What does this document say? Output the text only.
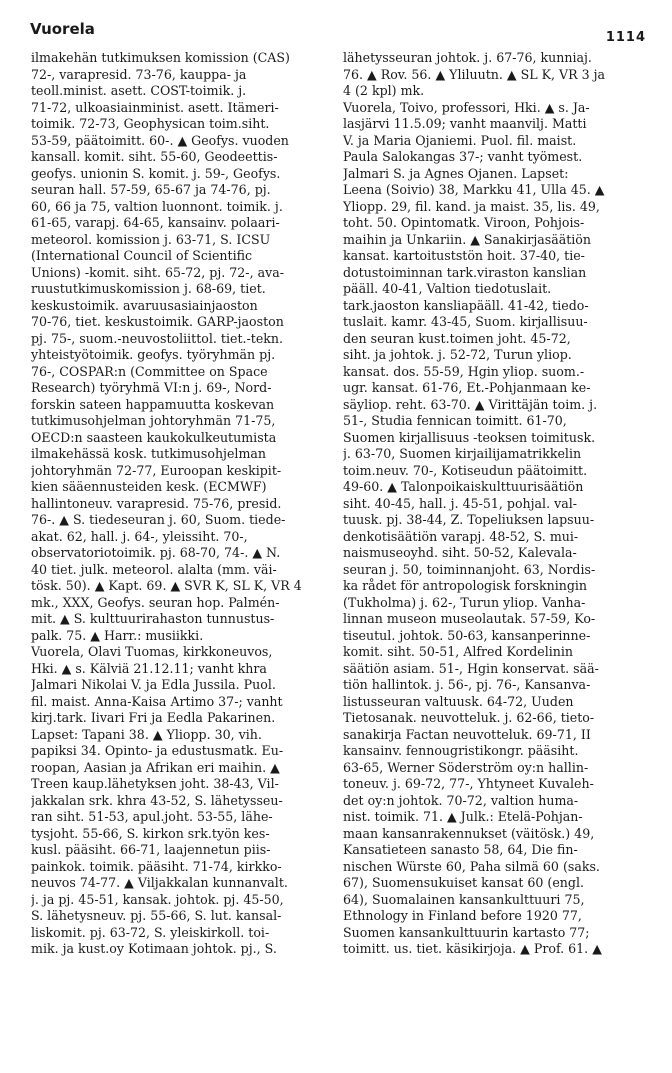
Vuorela	1114
ilmakehän tutkimuksen komission (CAS)
72-, varapresid. 73-76, kauppa- ja
teoll.minist. asett. COST-toimik. j.
71-72, ulkoasiainminist. asett. Itämeri-
toimik. 72-73, Geophysican toim.siht.
53-59, päätoimitt. 60-. ▲ Geofys. vuoden
kansall. komit. siht. 55-60, Geodeettis-
geofys. unionin S. komit. j. 59-, Geofys.
seuran hall. 57-59, 65-67 ja 74-76, pj.
60, 66 ja 75, valtion luonnont. toimik. j.
61-65, varapj. 64-65, kansainv. polaari-
meteorol. komission j. 63-71, S. ICSU
(International Council of Scientific
Unions) -komit. siht. 65-72, pj. 72-, ava-
ruustutkimuskomission j. 68-69, tiet.
keskustoimik. avaruusasiainjaoston
70-76, tiet. keskustoimik. GARP-jaoston
pj. 75-, suom.-neuvostoliittol. tiet.-tekn.
yhteistyötoimik. geofys. työryhmän pj.
76-, COSPAR:n (Committee on Space
Research) työryhmä VI:n j. 69-, Nord-
forskin sateen happamuutta koskevan
tutkimusohjelman johtoryhmän 71-75,
OECD:n saasteen kaukokulkeutumista
ilmakehässä kosk. tutkimusohjelman
johtoryhmän 72-77, Euroopan keskipit-
kien sääennusteiden kesk. (ECMWF)
hallintoneuv. varapresid. 75-76, presid.
76-. ▲ S. tiedeseuran j. 60, Suom. tiede-
akat. 62, hall. j. 64-, yleissiht. 70-,
observatoriotoimik. pj. 68-70, 74-. ▲ N.
40 tiet. julk. meteorol. alalta (mm. väi-
tösk. 50). ▲ Kapt. 69. ▲ SVR K, SL K, VR 4
mk., XXX, Geofys. seuran hop. Palmén-
mit. ▲ S. kulttuurirahaston tunnustus-
palk. 75. ▲ Harr.: musiikki.
Vuorela, Olavi Tuomas, kirkkoneuvos,
Hki. ▲ s. Kälviä 21.12.11; vanht khra
Jalmari Nikolai V. ja Edla Jussila. Puol.
fil. maist. Anna-Kaisa Artimo 37-; vanht
kirj.tark. Iivari Fri ja Eedla Pakarinen.
Lapset: Tapani 38. ▲ Yliopp. 30, vih.
papiksi 34. Opinto- ja edustusmatk. Eu-
roopan, Aasian ja Afrikan eri maihin. ▲
Treen kaup.lähetyksen joht. 38-43, Vil-
jakkalan srk. khra 43-52, S. lähetysseu-
ran siht. 51-53, apul.joht. 53-55, lähe-
tysjoht. 55-66, S. kirkon srk.työn kes-
kusl. pääsiht. 66-71, laajennetun piis-
painkok. toimik. pääsiht. 71-74, kirkko-
neuvos 74-77. ▲ Viljakkalan kunnanvalt.
j. ja pj. 45-51, kansak. johtok. pj. 45-50,
S. lähetysneuv. pj. 55-66, S. lut. kansal-
liskomit. pj. 63-72, S. yleiskirkoll. toi-
mik. ja kust.oy Kotimaan johtok. pj., S.
lähetysseuran johtok. j. 67-76, kunniaj.
76. ▲ Rov. 56. ▲ Yliluutn. ▲ SL K, VR 3 ja
4 (2 kpl) mk.
Vuorela, Toivo, professori, Hki. ▲ s. Ja-
lasjärvi 11.5.09; vanht maanvilj. Matti
V. ja Maria Ojaniemi. Puol. fil. maist.
Paula Salokangas 37-; vanht työmest.
Jalmari S. ja Agnes Ojanen. Lapset:
Leena (Soivio) 38, Markku 41, Ulla 45. ▲
Ylioрp. 29, fil. kand. ja maist. 35, lis. 49,
toht. 50. Opintomatk. Viroon, Pohjois-
maihin ja Unkariin. ▲ Sanakirjasäätiön
kansat. kartoituststön hoit. 37-40, tie-
dotustoiminnan tark.viraston kanslian
pääll. 40-41, Valtion tiedotuslait.
tark.jaoston kansliapääll. 41-42, tiedo-
tuslait. kamr. 43-45, Suom. kirjallisuu-
den seuran kust.toimen joht. 45-72,
siht. ja johtok. j. 52-72, Turun yliop.
kansat. dos. 55-59, Hgin yliop. suom.-
ugr. kansat. 61-76, Et.-Pohjanmaan ke-
säyliop. reht. 63-70. ▲ Virittäjän toim. j.
51-, Studia fennican toimitt. 61-70,
Suomen kirjallisuus -teoksen toimitusk.
j. 63-70, Suomen kirjailijamatrikkelin
toim.neuv. 70-, Kotiseudun päätoimitt.
49-60. ▲ Talonpoikaiskulttuurisäätiön
siht. 40-45, hall. j. 45-51, pohjal. val-
tuusk. pj. 38-44, Z. Topeliuksen lapsuu-
denkotisäätiön varapj. 48-52, S. mui-
naismuseoyhd. siht. 50-52, Kalevala-
seuran j. 50, toiminnanjoht. 63, Nordis-
ka rådet för antropologisk forskningin
(Tukholma) j. 62-, Turun yliop. Vanha-
linnan museon museolautak. 57-59, Ko-
tiseutul. johtok. 50-63, kansanperinne-
komit. siht. 50-51, Alfred Kordelinin
säätiön asiam. 51-, Hgin konservat. sää-
tiön hallintok. j. 56-, pj. 76-, Kansanva-
listusseuran valtuusk. 64-72, Uuden
Tietosanak. neuvotteluk. j. 62-66, tieto-
sanakirja Factan neuvotteluk. 69-71, II
kansainv. fennougristikongr. pääsiht.
63-65, Werner Söderström oy:n hallin-
toneuv. j. 69-72, 77-, Yhtyneet Kuvaleh-
det oy:n johtok. 70-72, valtion huma-
nist. toimik. 71. ▲ Julk.: Etelä-Pohjan-
maan kansanrakennukset (väitösk.) 49,
Kansatieteen sanasto 58, 64, Die fin-
nischen Würste 60, Paha silmä 60 (saks.
67), Suomensukuiset kansat 60 (engl.
64), Suomalainen kansankulttuuri 75,
Ethnology in Finland before 1920 77,
Suomen kansankulttuurin kartasto 77;
toimitt. us. tiet. käsikirjoja. ▲ Prof. 61. ▲
